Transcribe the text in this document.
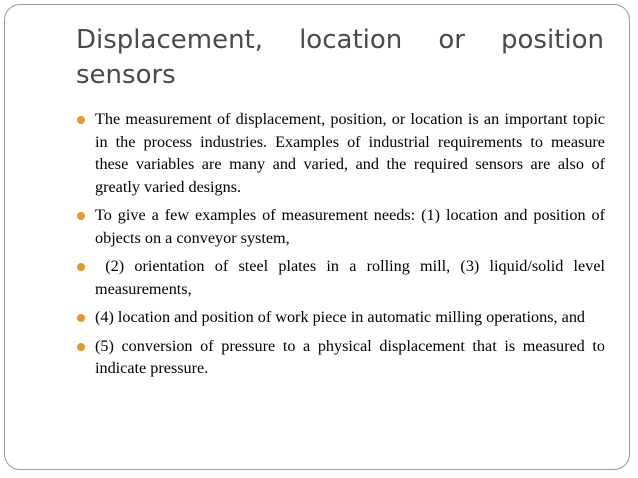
Displacement, location or position sensors
The measurement of displacement, position, or location is an important topic in the process industries. Examples of industrial requirements to measure these variables are many and varied, and the required sensors are also of greatly varied designs.
To give a few examples of measurement needs: (1) location and position of objects on a conveyor system,
(2) orientation of steel plates in a rolling mill, (3) liquid/solid level measurements,
(4) location and position of work piece in automatic milling operations, and
(5) conversion of pressure to a physical displacement that is measured to indicate pressure.
